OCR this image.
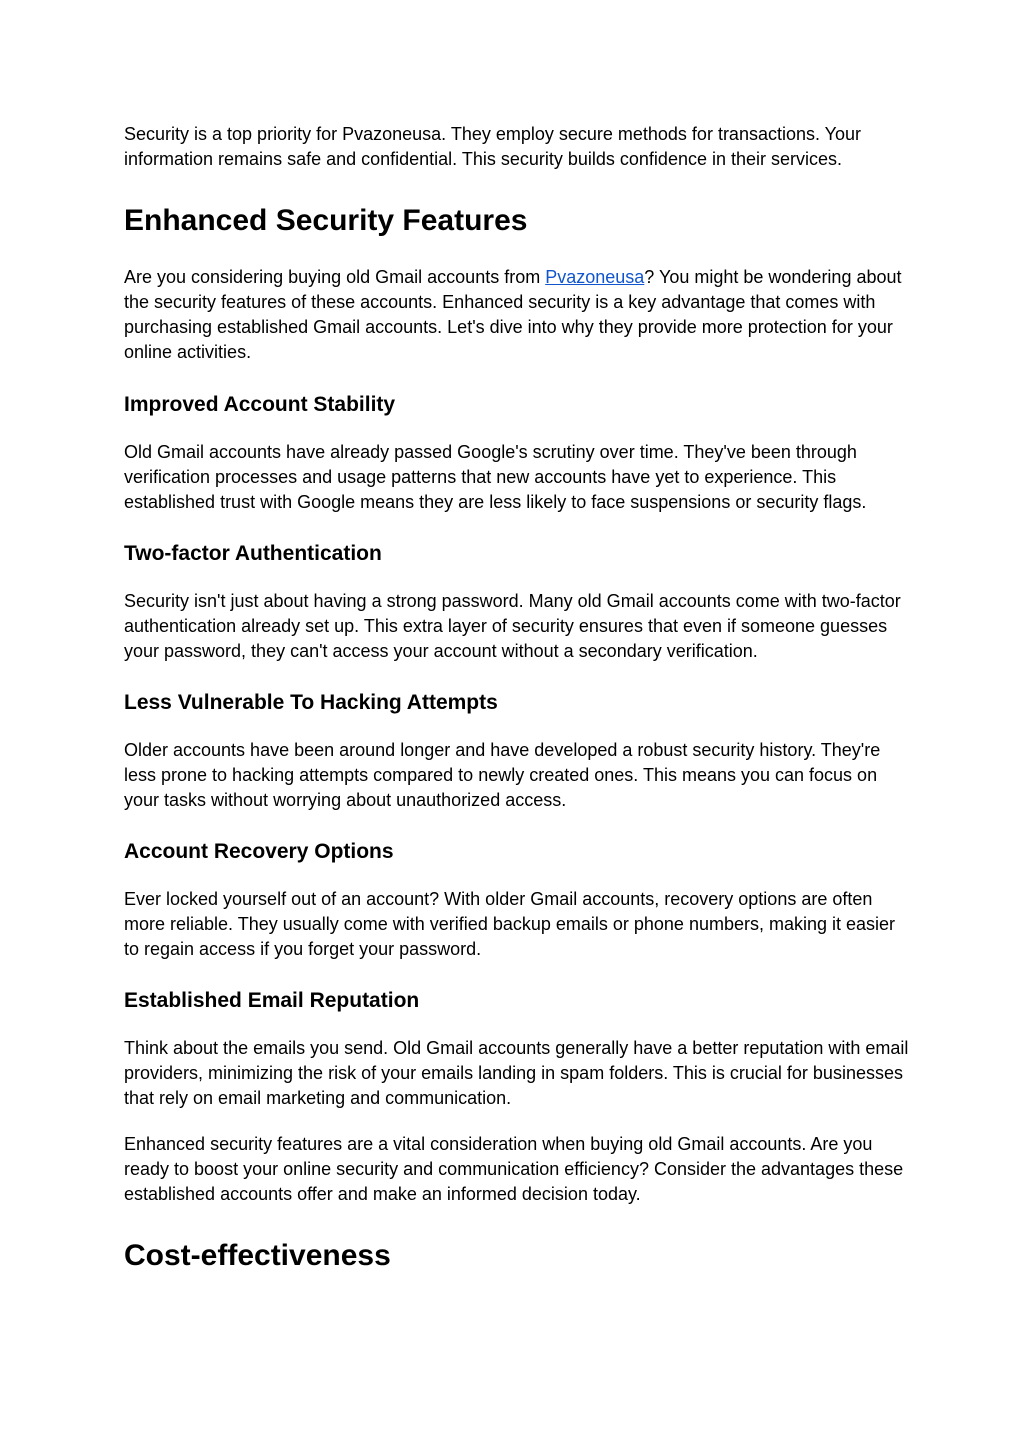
Security is a top priority for Pvazoneusa. They employ secure methods for transactions. Your information remains safe and confidential. This security builds confidence in their services.

Enhanced Security Features

Are you considering buying old Gmail accounts from Pvazoneusa? You might be wondering about the security features of these accounts. Enhanced security is a key advantage that comes with purchasing established Gmail accounts. Let's dive into why they provide more protection for your online activities.

Improved Account Stability

Old Gmail accounts have already passed Google's scrutiny over time. They've been through verification processes and usage patterns that new accounts have yet to experience. This established trust with Google means they are less likely to face suspensions or security flags.

Two-factor Authentication

Security isn't just about having a strong password. Many old Gmail accounts come with two-factor authentication already set up. This extra layer of security ensures that even if someone guesses your password, they can't access your account without a secondary verification.

Less Vulnerable To Hacking Attempts

Older accounts have been around longer and have developed a robust security history. They're less prone to hacking attempts compared to newly created ones. This means you can focus on your tasks without worrying about unauthorized access.

Account Recovery Options

Ever locked yourself out of an account? With older Gmail accounts, recovery options are often more reliable. They usually come with verified backup emails or phone numbers, making it easier to regain access if you forget your password.

Established Email Reputation

Think about the emails you send. Old Gmail accounts generally have a better reputation with email providers, minimizing the risk of your emails landing in spam folders. This is crucial for businesses that rely on email marketing and communication.

Enhanced security features are a vital consideration when buying old Gmail accounts. Are you ready to boost your online security and communication efficiency? Consider the advantages these established accounts offer and make an informed decision today.

Cost-effectiveness
